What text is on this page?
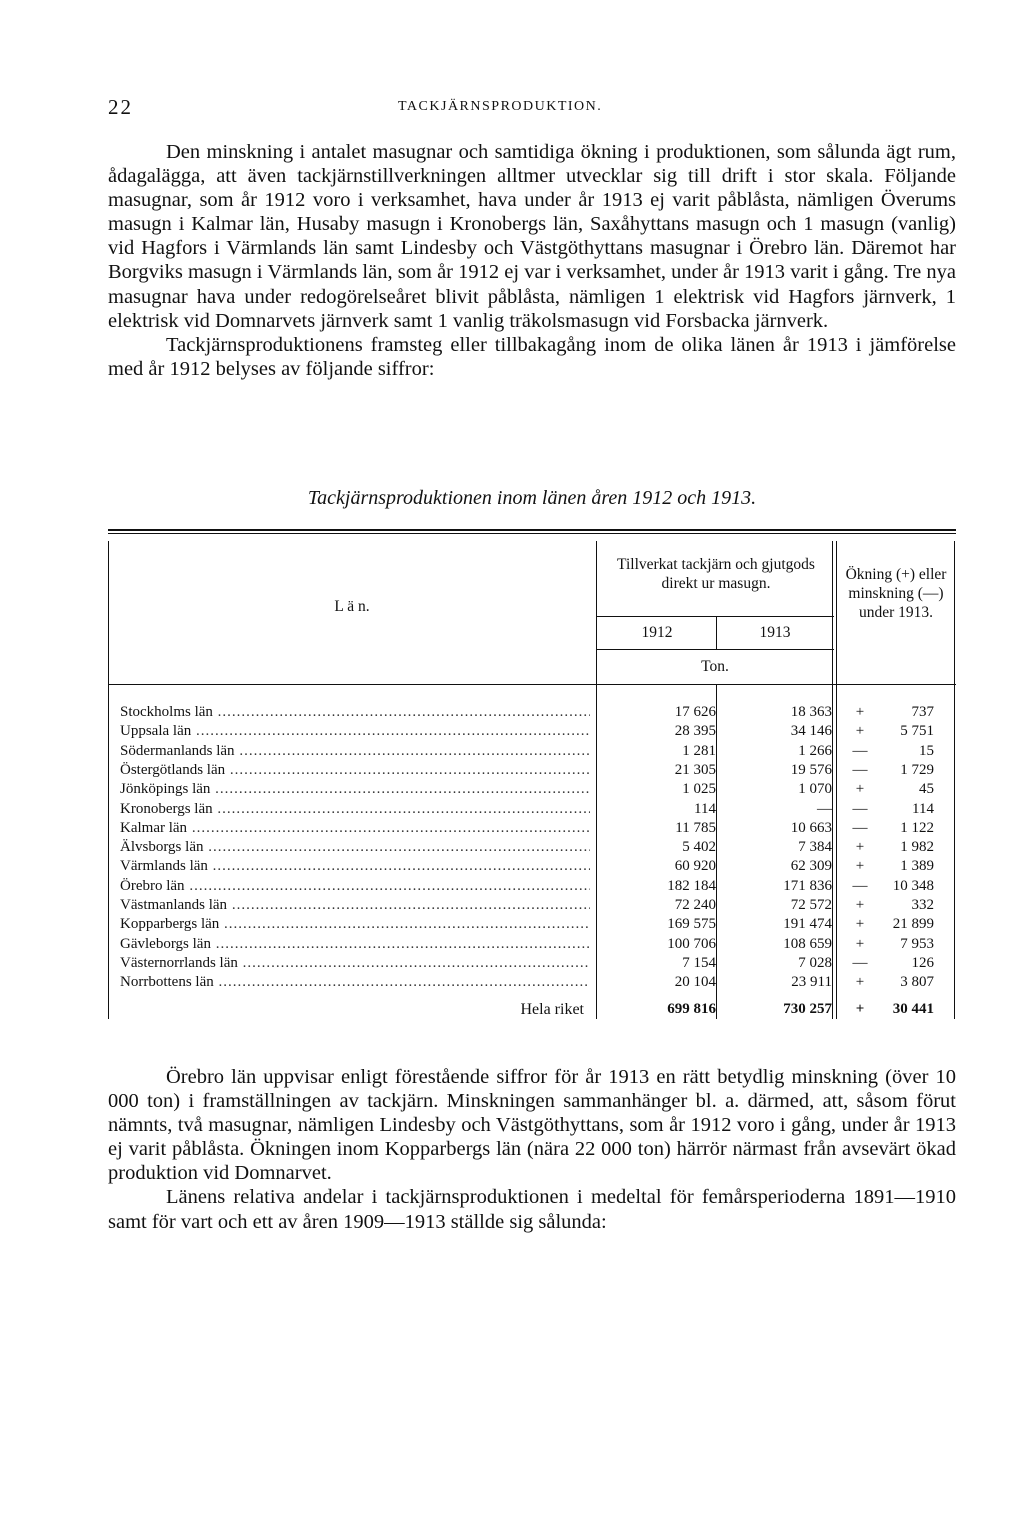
22	TACKJÄRNSPRODUKTION.

Den minskning i antalet masugnar och samtidiga ökning i produktionen, som sålunda ägt rum, ådagalägga, att även tackjärnstillverkningen alltmer utvecklar sig till drift i stor skala. Följande masugnar, som år 1912 voro i verksamhet, hava under år 1913 ej varit påblåsta, nämligen Överums masugn i Kalmar län, Husaby masugn i Kronobergs län, Saxåhyttans masugn och 1 masugn (vanlig) vid Hagfors i Värmlands län samt Lindesby och Västgöthyttans masugnar i Örebro län. Däremot har Borgviks masugn i Värmlands län, som år 1912 ej var i verksamhet, under år 1913 varit i gång. Tre nya masugnar hava under redogörelseåret blivit påblåsta, nämligen 1 elektrisk vid Hagfors järnverk, 1 elektrisk vid Domnarvets järnverk samt 1 vanlig träkolsmasugn vid Forsbacka järnverk.

Tackjärnsproduktionens framsteg eller tillbakagång inom de olika länen år 1913 i jämförelse med år 1912 belyses av följande siffror:

Tackjärnsproduktionen inom länen åren 1912 och 1913.
L ä n.
Tillverkat tackjärn och gjutgods direkt ur masugn.
1912	1913
Ökning (+) eller minskning (—) under 1913.
Ton.
Stockholms län .....	17 626	18 363	+	737
Uppsala län .....	28 395	34 146	+	5 751
Södermanlands län .....	1 281	1 266	—	15
Östergötlands län .....	21 305	19 576	—	1 729
Jönköpings län .....	1 025	1 070	+	45
Kronobergs län .....	114	—	—	114
Kalmar län .....	11 785	10 663	—	1 122
Älvsborgs län .....	5 402	7 384	+	1 982
Värmlands län .....	60 920	62 309	+	1 389
Örebro län .....	182 184	171 836	—	10 348
Västmanlands län .....	72 240	72 572	+	332
Kopparbergs län .....	169 575	191 474	+	21 899
Gävleborgs län .....	100 706	108 659	+	7 953
Västernorrlands län .....	7 154	7 028	—	126
Norrbottens län .....	20 104	23 911	+	3 807
Hela riket	699 816	730 257	+	30 441

Örebro län uppvisar enligt förestående siffror för år 1913 en rätt betydlig minskning (över 10 000 ton) i framställningen av tackjärn. Minskningen sammanhänger bl. a. därmed, att, såsom förut nämnts, två masugnar, nämligen Lindesby och Västgöthyttans, som år 1912 voro i gång, under år 1913 ej varit påblåsta. Ökningen inom Kopparbergs län (nära 22 000 ton) härrör närmast från avsevärt ökad produktion vid Domnarvet.

Länens relativa andelar i tackjärnsproduktionen i medeltal för femårsperioderna 1891—1910 samt för vart och ett av åren 1909—1913 ställde sig sålunda:
